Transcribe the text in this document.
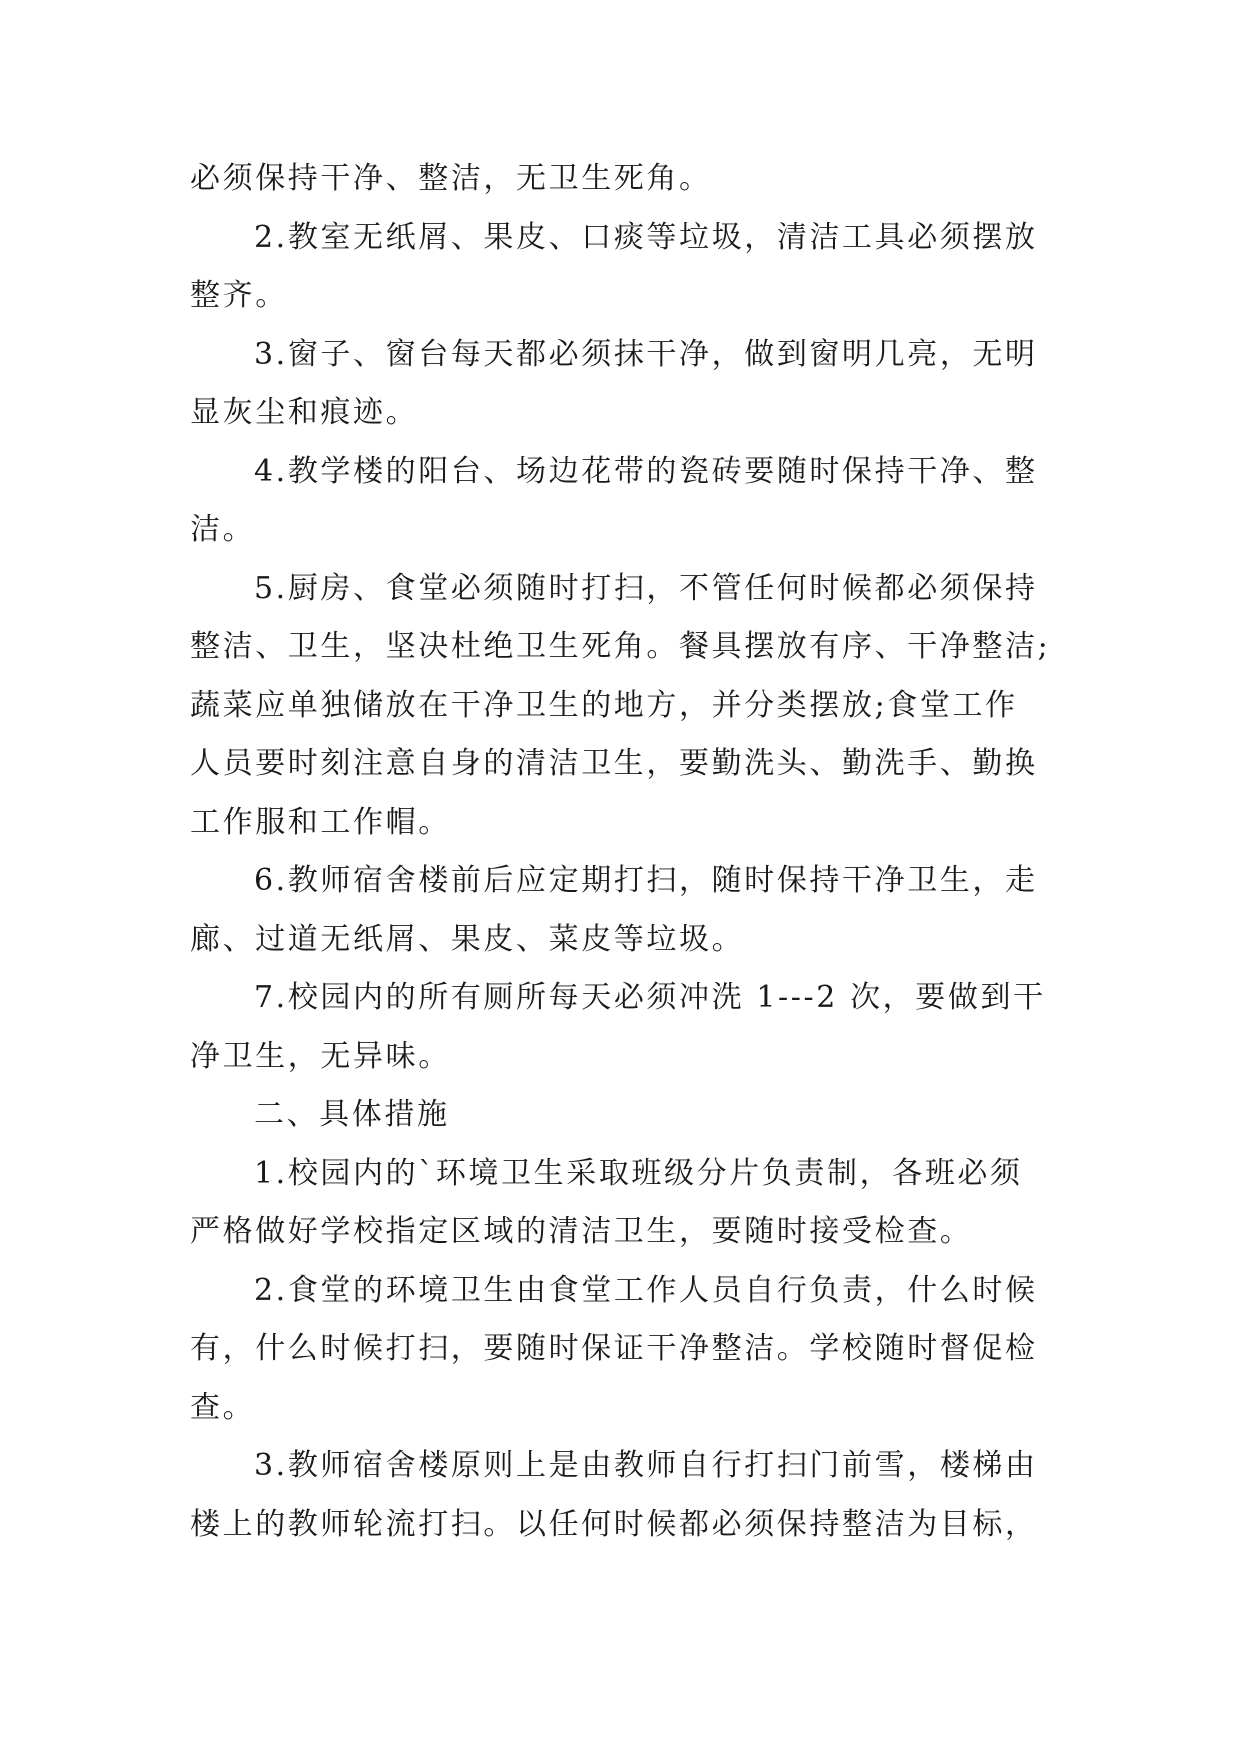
必须保持干净、整洁，无卫生死角。
2.教室无纸屑、果皮、口痰等垃圾，清洁工具必须摆放
整齐。
3.窗子、窗台每天都必须抹干净，做到窗明几亮，无明
显灰尘和痕迹。
4.教学楼的阳台、场边花带的瓷砖要随时保持干净、整
洁。
5.厨房、食堂必须随时打扫，不管任何时候都必须保持
整洁、卫生，坚决杜绝卫生死角。餐具摆放有序、干净整洁;
蔬菜应单独储放在干净卫生的地方，并分类摆放;食堂工作
人员要时刻注意自身的清洁卫生，要勤洗头、勤洗手、勤换
工作服和工作帽。
6.教师宿舍楼前后应定期打扫，随时保持干净卫生，走
廊、过道无纸屑、果皮、菜皮等垃圾。
7.校园内的所有厕所每天必须冲洗 1---2 次，要做到干
净卫生，无异味。
二、具体措施
1.校园内的`环境卫生采取班级分片负责制，各班必须
严格做好学校指定区域的清洁卫生，要随时接受检查。
2.食堂的环境卫生由食堂工作人员自行负责，什么时候
有，什么时候打扫，要随时保证干净整洁。学校随时督促检
查。
3.教师宿舍楼原则上是由教师自行打扫门前雪，楼梯由
楼上的教师轮流打扫。以任何时候都必须保持整洁为目标，
